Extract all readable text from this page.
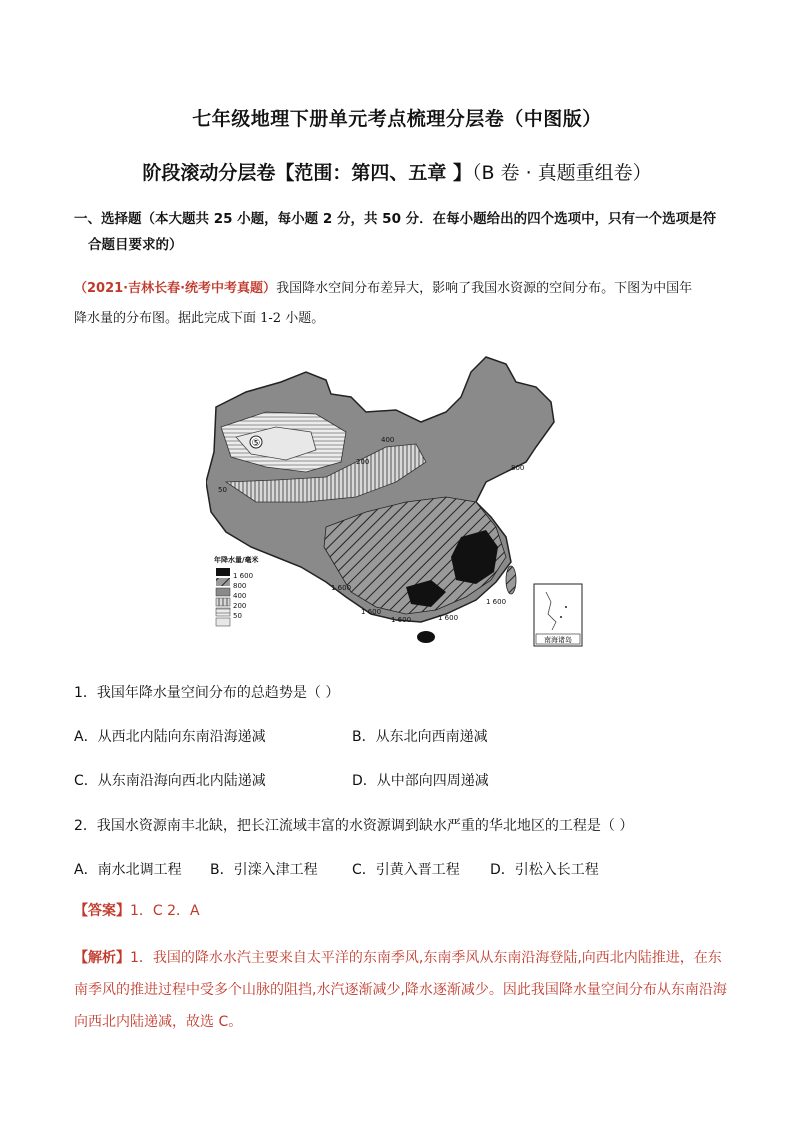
七年级地理下册单元考点梳理分层卷（中图版）
阶段滚动分层卷【范围：第四、五章 】（B 卷 · 真题重组卷）
一、选择题（本大题共 25 小题，每小题 2 分，共 50 分．在每小题给出的四个选项中，只有一个选项是符
合题目要求的）
（2021·吉林长春·统考中考真题）我国降水空间分布差异大，影响了我国水资源的空间分布。下图为中国年
降水量的分布图。据此完成下面 1-2 小题。
⑤
200
400
800
1 600
1 600
1 600	1 600
1 600
50
年降水量/毫米
1 600
800
400
200
50
南海诸岛
1．我国年降水量空间分布的总趋势是（ ）
A．从西北内陆向东南沿海递减	B．从东北向西南递减
C．从东南沿海向西北内陆递减	D．从中部向四周递减
2．我国水资源南丰北缺，把长江流域丰富的水资源调到缺水严重的华北地区的工程是（ ）
A．南水北调工程 B．引滦入津工程 C．引黄入晋工程 D．引松入长工程
【答案】1．C 2．A
【解析】1．我国的降水水汽主要来自太平洋的东南季风,东南季风从东南沿海登陆,向西北内陆推进，在东
南季风的推进过程中受多个山脉的阻挡,水汽逐渐减少,降水逐渐减少。因此我国降水量空间分布从东南沿海
向西北内陆递减，故选 C。
